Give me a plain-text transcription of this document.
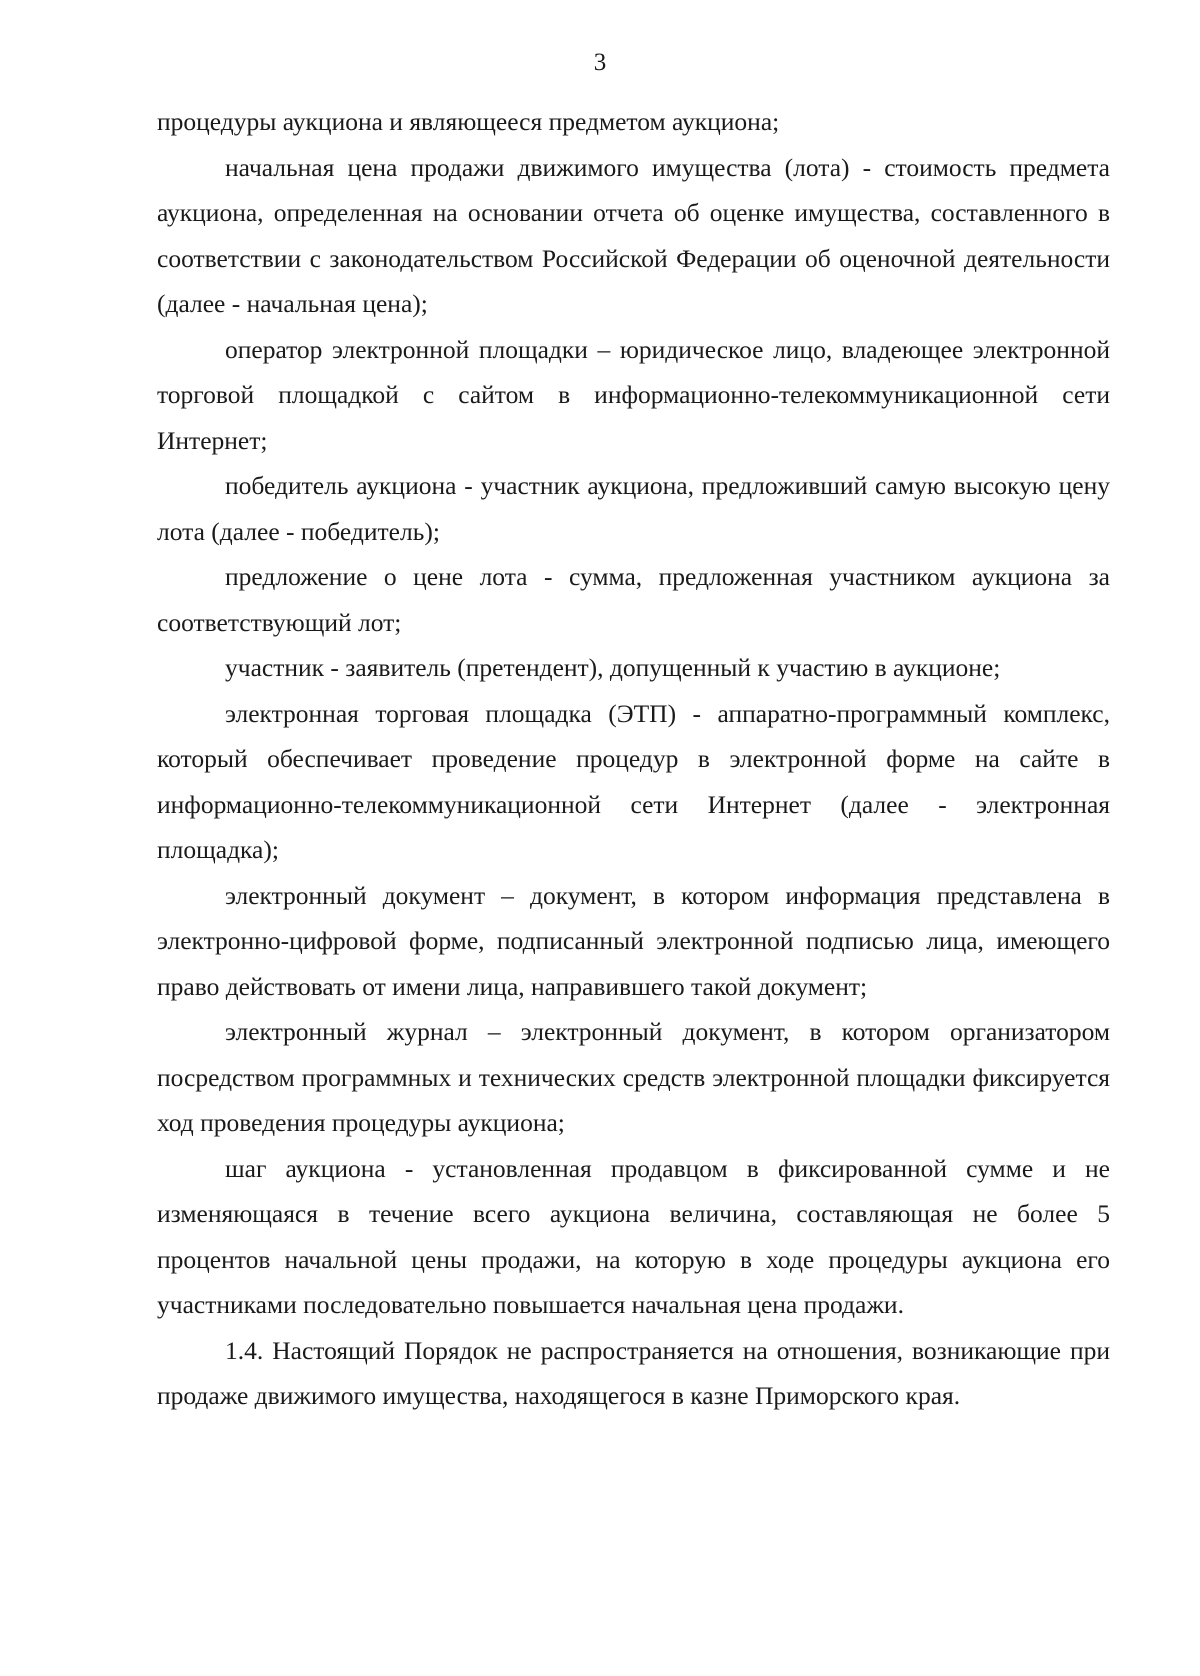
3

процедуры аукциона и являющееся предметом аукциона;

начальная цена продажи движимого имущества (лота) - стоимость предмета аукциона, определенная на основании отчета об оценке имущества, составленного в соответствии с законодательством Российской Федерации об оценочной деятельности (далее - начальная цена);

оператор электронной площадки – юридическое лицо, владеющее электронной торговой площадкой с сайтом в информационно-телекоммуникационной сети Интернет;

победитель аукциона - участник аукциона, предложивший самую высокую цену лота (далее - победитель);

предложение о цене лота - сумма, предложенная участником аукциона за соответствующий лот;

участник - заявитель (претендент), допущенный к участию в аукционе;

электронная торговая площадка (ЭТП) - аппаратно-программный комплекс, который обеспечивает проведение процедур в электронной форме на сайте в информационно-телекоммуникационной сети Интернет (далее - электронная площадка);

электронный документ – документ, в котором информация представлена в электронно-цифровой форме, подписанный электронной подписью лица, имеющего право действовать от имени лица, направившего такой документ;

электронный журнал – электронный документ, в котором организатором посредством программных и технических средств электронной площадки фиксируется ход проведения процедуры аукциона;

шаг аукциона - установленная продавцом в фиксированной сумме и не изменяющаяся в течение всего аукциона величина, составляющая не более 5 процентов начальной цены продажи, на которую в ходе процедуры аукциона его участниками последовательно повышается начальная цена продажи.

1.4. Настоящий Порядок не распространяется на отношения, возникающие при продаже движимого имущества, находящегося в казне Приморского края.
